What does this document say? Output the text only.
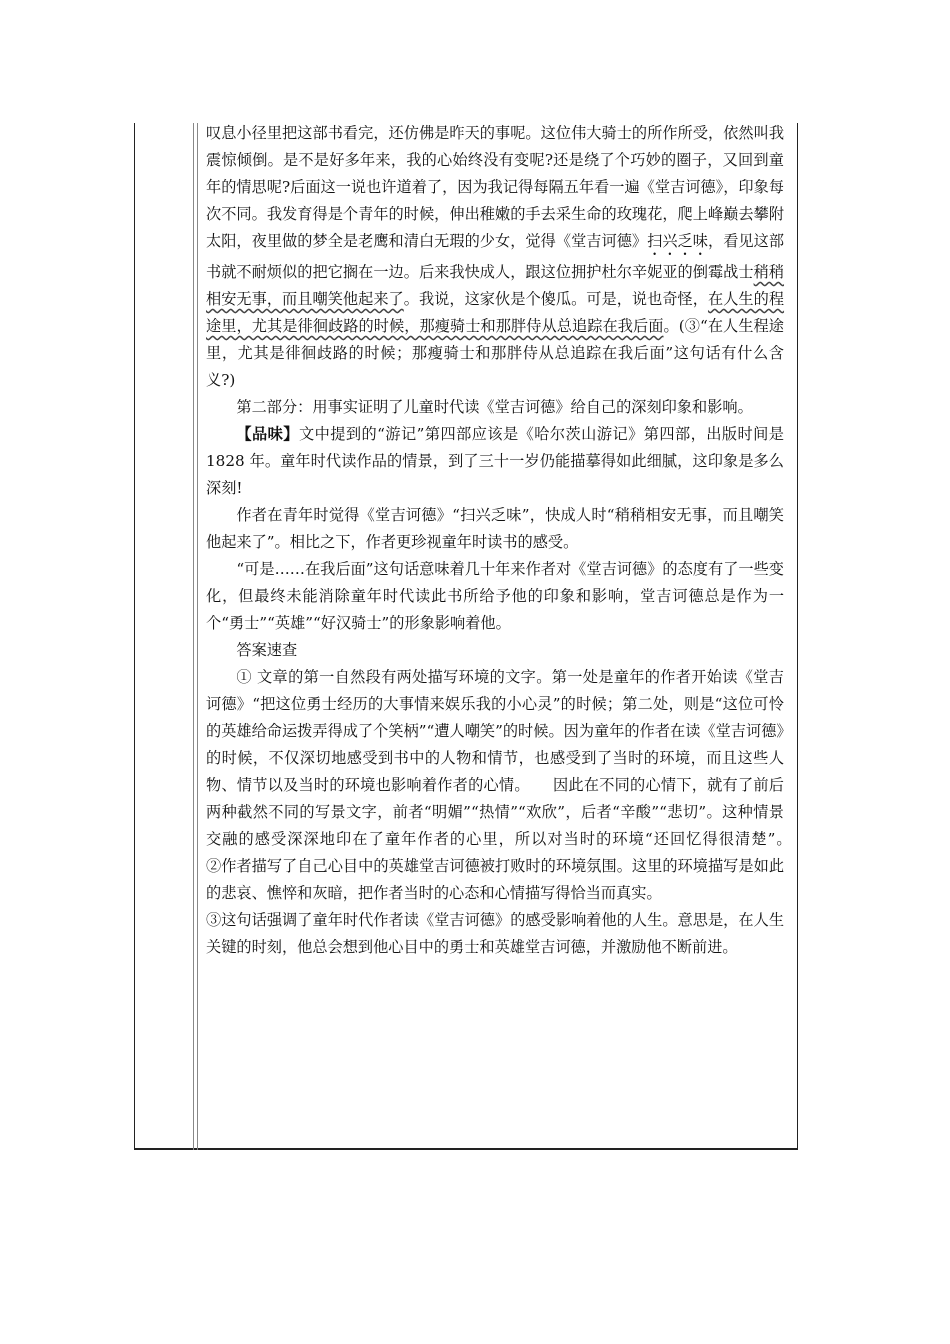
叹息小径里把这部书看完，还仿佛是昨天的事呢。这位伟大骑士的所作所受，依然叫我震惊倾倒。是不是好多年来，我的心始终没有变呢?还是绕了个巧妙的圈子，又回到童年的情思呢?后面这一说也许道着了，因为我记得每隔五年看一遍《堂吉诃德》，印象每次不同。我发育得是个青年的时候，伸出稚嫩的手去采生命的玫瑰花，爬上峰巅去攀附太阳，夜里做的梦全是老鹰和清白无瑕的少女，觉得《堂吉诃德》扫兴乏味，看见这部书就不耐烦似的把它搁在一边。后来我快成人，跟这位拥护杜尔辛妮亚的倒霉战士稍稍相安无事，而且嘲笑他起来了。我说，这家伙是个傻瓜。可是，说也奇怪，在人生的程途里，尤其是徘徊歧路的时候，那瘦骑士和那胖侍从总追踪在我后面。(③“在人生程途里，尤其是徘徊歧路的时候；那瘦骑士和那胖侍从总追踪在我后面”这句话有什么含义?)

第二部分：用事实证明了儿童时代读《堂吉诃德》给自己的深刻印象和影响。

【品味】文中提到的“游记”第四部应该是《哈尔茨山游记》第四部，出版时间是 1828 年。童年时代读作品的情景，到了三十一岁仍能描摹得如此细腻，这印象是多么深刻!

作者在青年时觉得《堂吉诃德》“扫兴乏味”，快成人时“稍稍相安无事，而且嘲笑他起来了”。相比之下，作者更珍视童年时读书的感受。

“可是……在我后面”这句话意味着几十年来作者对《堂吉诃德》的态度有了一些变化，但最终未能消除童年时代读此书所给予他的印象和影响，堂吉诃德总是作为一个“勇士”“英雄”“好汉骑士”的形象影响着他。

答案速查

① 文章的第一自然段有两处描写环境的文字。第一处是童年的作者开始读《堂吉诃德》“把这位勇士经历的大事情来娱乐我的小心灵”的时候；第二处，则是“这位可怜的英雄给命运拨弄得成了个笑柄”“遭人嘲笑”的时候。因为童年的作者在读《堂吉诃德》的时候，不仅深切地感受到书中的人物和情节，也感受到了当时的环境，而且这些人物、情节以及当时的环境也影响着作者的心情。　　因此在不同的心情下，就有了前后两种截然不同的写景文字，前者“明媚”“热情”“欢欣”，后者“辛酸”“悲切”。这种情景交融的感受深深地印在了童年作者的心里，所以对当时的环境“还回忆得很清楚”。　　②作者描写了自己心目中的英雄堂吉诃德被打败时的环境氛围。这里的环境描写是如此的悲哀、憔悴和灰暗，把作者当时的心态和心情描写得恰当而真实。

③这句话强调了童年时代作者读《堂吉诃德》的感受影响着他的人生。意思是，在人生关键的时刻，他总会想到他心目中的勇士和英雄堂吉诃德，并激励他不断前进。
